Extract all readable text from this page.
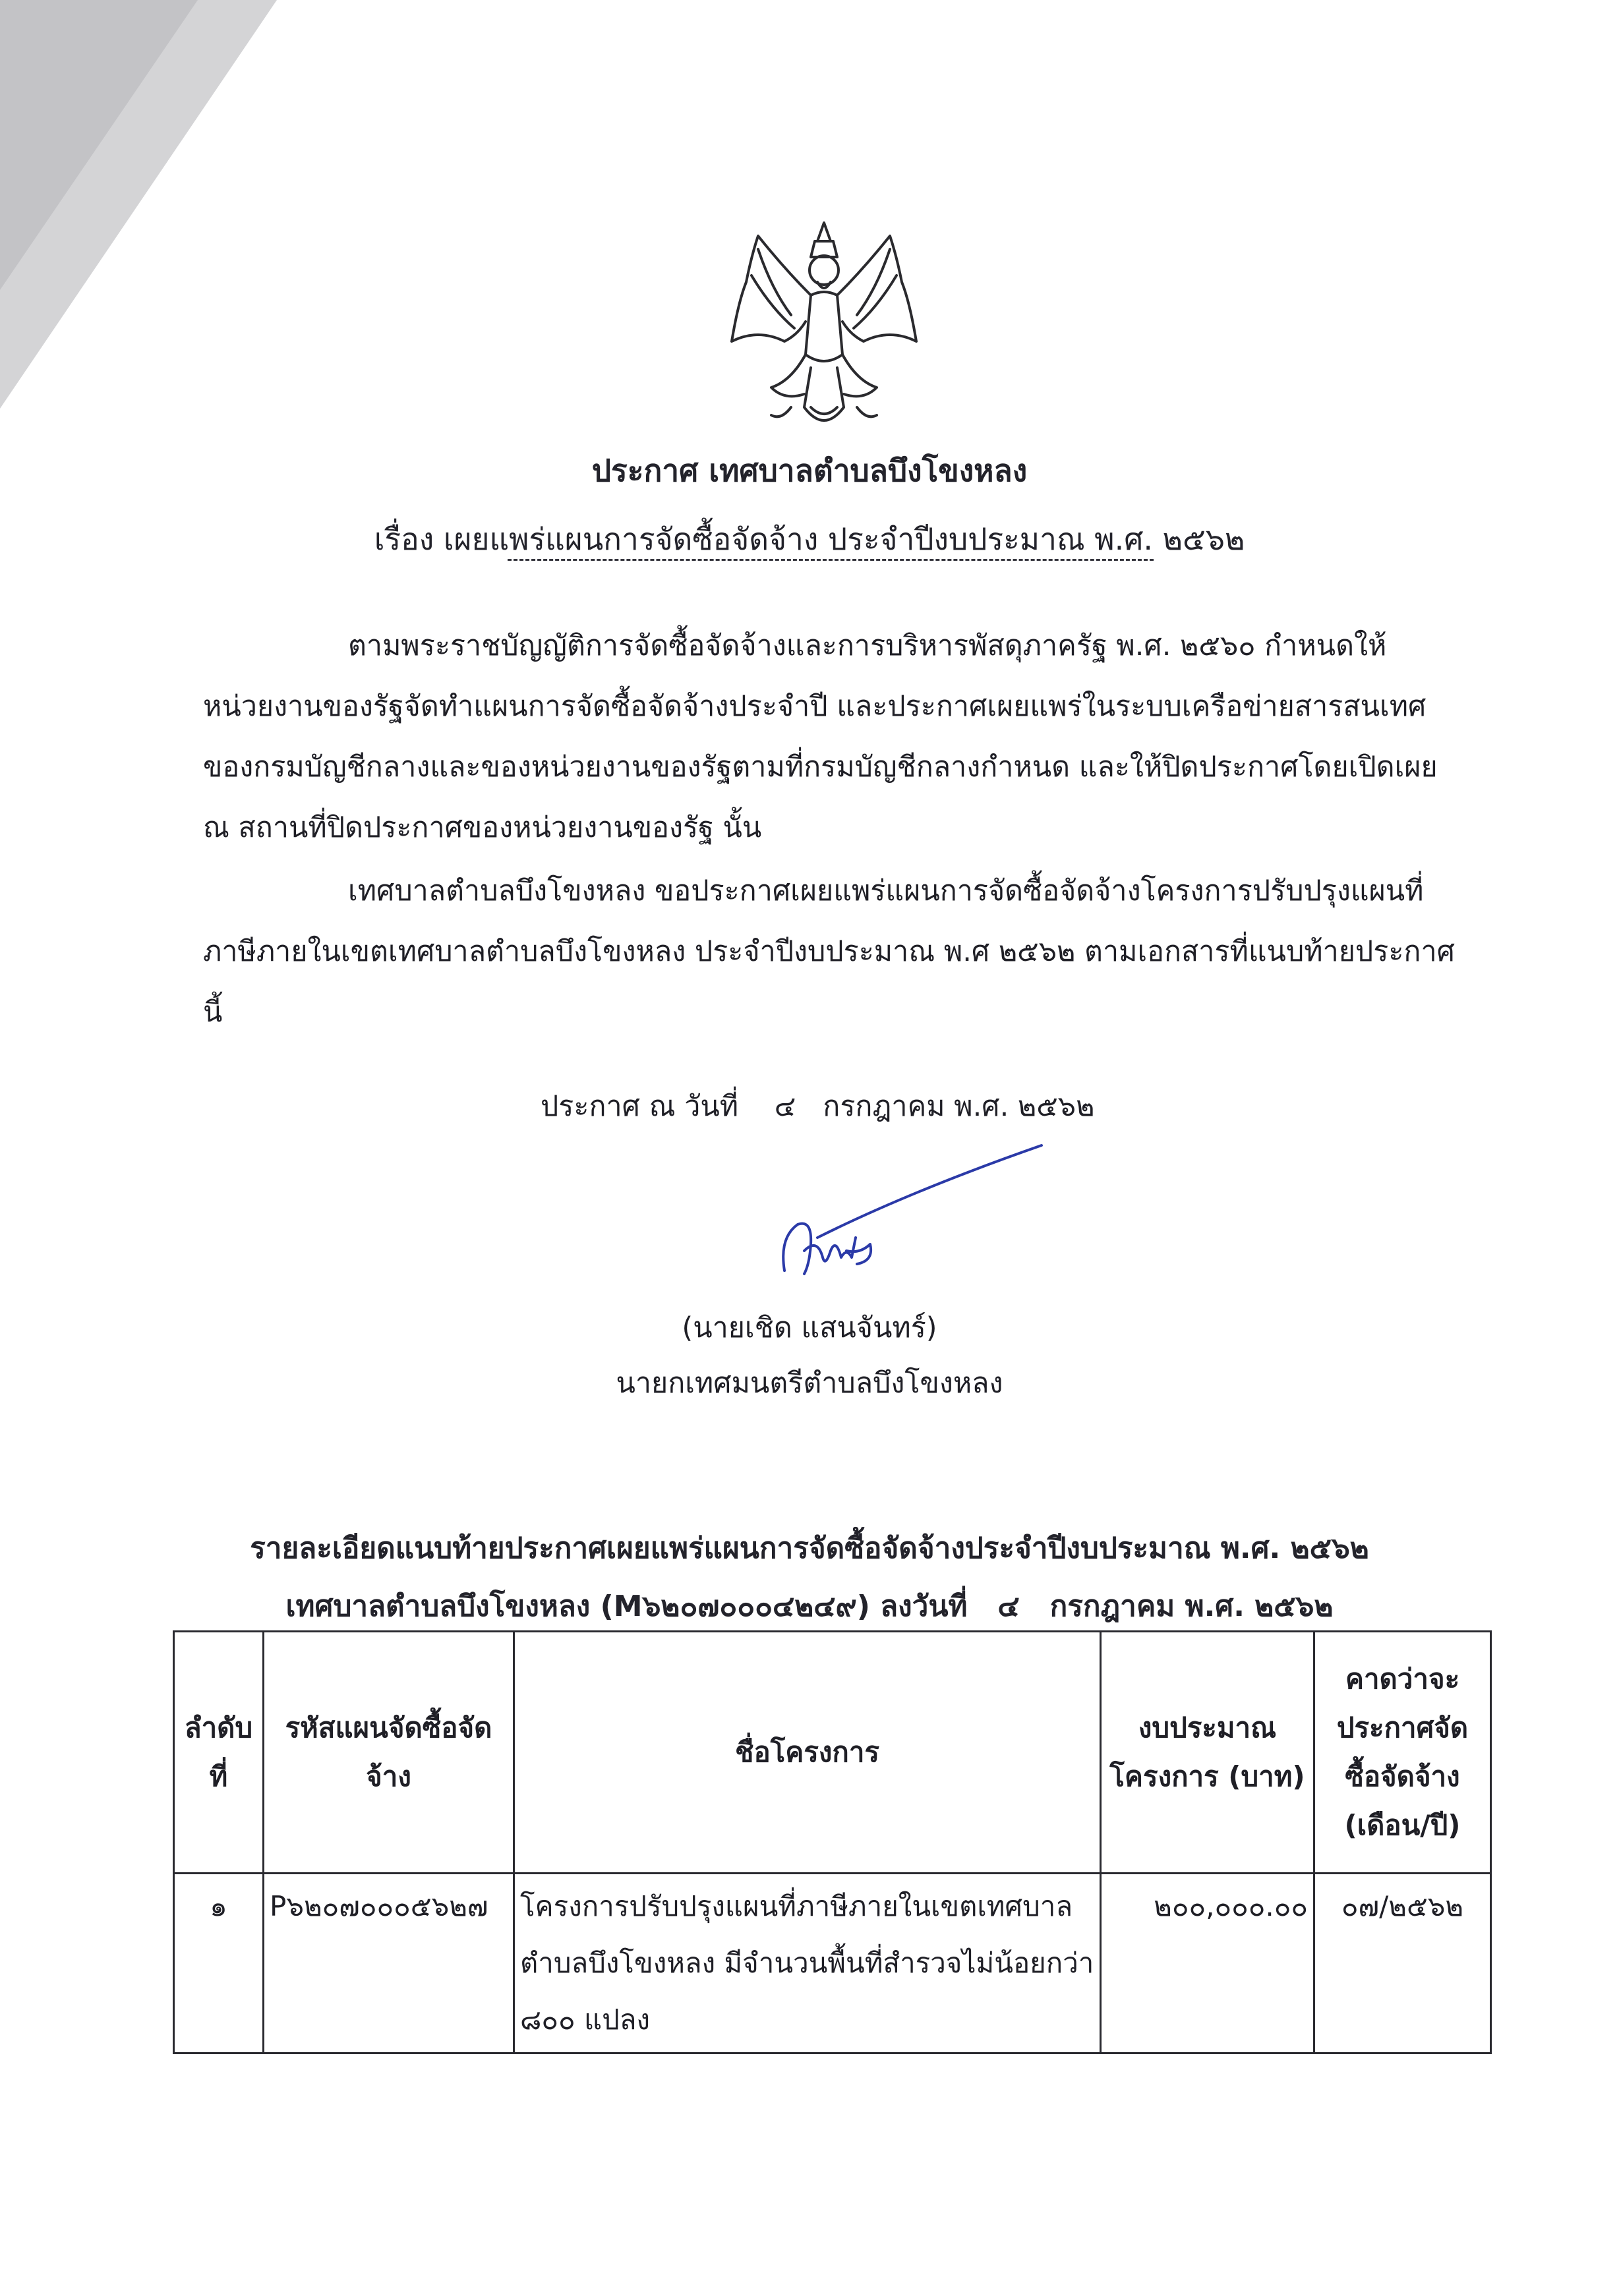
ประกาศ เทศบาลตำบลบึงโขงหลง
เรื่อง เผยแพร่แผนการจัดซื้อจัดจ้าง ประจำปีงบประมาณ พ.ศ. ๒๕๖๒

ตามพระราชบัญญัติการจัดซื้อจัดจ้างและการบริหารพัสดุภาครัฐ พ.ศ. ๒๕๖๐ กำหนดให้หน่วยงานของรัฐจัดทำแผนการจัดซื้อจัดจ้างประจำปี และประกาศเผยแพร่ในระบบเครือข่ายสารสนเทศของกรมบัญชีกลางและของหน่วยงานของรัฐตามที่กรมบัญชีกลางกำหนด และให้ปิดประกาศโดยเปิดเผย ณ สถานที่ปิดประกาศของหน่วยงานของรัฐ นั้น

เทศบาลตำบลบึงโขงหลง ขอประกาศเผยแพร่แผนการจัดซื้อจัดจ้างโครงการปรับปรุงแผนที่ภาษีภายในเขตเทศบาลตำบลบึงโขงหลง ประจำปีงบประมาณ พ.ศ ๒๕๖๒ ตามเอกสารที่แนบท้ายประกาศนี้

ประกาศ ณ วันที่    ๔   กรกฎาคม พ.ศ. ๒๕๖๒
(นายเชิด แสนจันทร์)
นายกเทศมนตรีตำบลบึงโขงหลง
รายละเอียดแนบท้ายประกาศเผยแพร่แผนการจัดซื้อจัดจ้างประจำปีงบประมาณ พ.ศ. ๒๕๖๒
เทศบาลตำบลบึงโขงหลง (M๖๒๐๗๐๐๐๔๒๔๙) ลงวันที่   ๔   กรกฎาคม พ.ศ. ๒๕๖๒
ลำดับที่	รหัสแผนจัดซื้อจัดจ้าง	ชื่อโครงการ	งบประมาณโครงการ (บาท)	คาดว่าจะประกาศจัดซื้อจัดจ้าง (เดือน/ปี)
๑	P๖๒๐๗๐๐๐๕๖๒๗	โครงการปรับปรุงแผนที่ภาษีภายในเขตเทศบาลตำบลบึงโขงหลง มีจำนวนพื้นที่สำรวจไม่น้อยกว่า ๘๐๐ แปลง	๒๐๐,๐๐๐.๐๐	๐๗/๒๕๖๒
